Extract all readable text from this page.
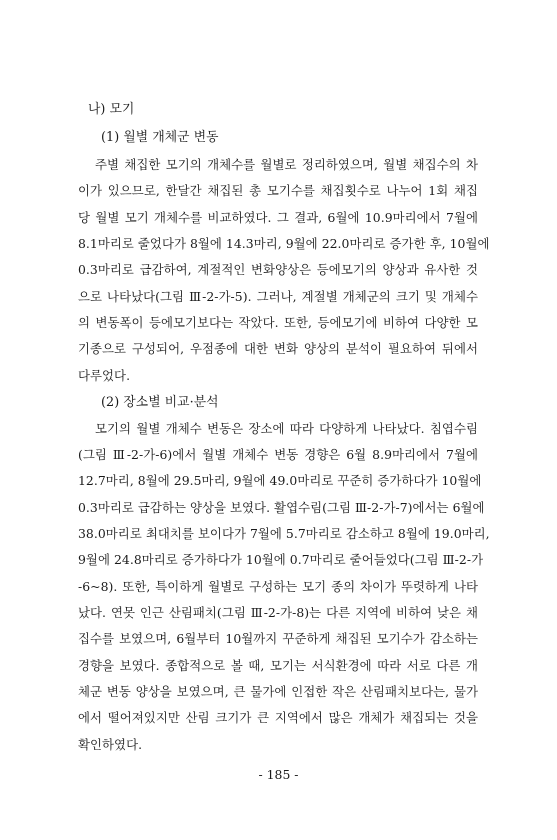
나) 모기
(1) 월별 개체군 변동
주별 채집한 모기의 개체수를 월별로 정리하였으며, 월별 채집수의 차
이가 있으므로, 한달간 채집된 총 모기수를 채집횟수로 나누어 1회 채집
당 월별 모기 개체수를 비교하였다. 그 결과, 6월에 10.9마리에서 7월에
8.1마리로 줄었다가 8월에 14.3마리, 9월에 22.0마리로 증가한 후, 10월에
0.3마리로 급감하여, 계절적인 변화양상은 등에모기의 양상과 유사한 것
으로 나타났다(그림 Ⅲ-2-가-5). 그러나, 계절별 개체군의 크기 및 개체수
의 변동폭이 등에모기보다는 작았다. 또한, 등에모기에 비하여 다양한 모
기종으로 구성되어, 우점종에 대한 변화 양상의 분석이 필요하여 뒤에서
다루었다.
(2) 장소별 비교·분석
모기의 월별 개체수 변동은 장소에 따라 다양하게 나타났다. 침엽수림
(그림 Ⅲ-2-가-6)에서 월별 개체수 변동 경향은 6월 8.9마리에서 7월에
12.7마리, 8월에 29.5마리, 9월에 49.0마리로 꾸준히 증가하다가 10월에
0.3마리로 급감하는 양상을 보였다. 활엽수림(그림 Ⅲ-2-가-7)에서는 6월에
38.0마리로 최대치를 보이다가 7월에 5.7마리로 감소하고 8월에 19.0마리,
9월에 24.8마리로 증가하다가 10월에 0.7마리로 줄어들었다(그림 Ⅲ-2-가
-6~8). 또한, 특이하게 월별로 구성하는 모기 종의 차이가 뚜렷하게 나타
났다. 연못 인근 산림패치(그림 Ⅲ-2-가-8)는 다른 지역에 비하여 낮은 채
집수를 보였으며, 6월부터 10월까지 꾸준하게 채집된 모기수가 감소하는
경향을 보였다. 종합적으로 볼 때, 모기는 서식환경에 따라 서로 다른 개
체군 변동 양상을 보였으며, 큰 물가에 인접한 작은 산림패치보다는, 물가
에서 떨어져있지만 산림 크기가 큰 지역에서 많은 개체가 채집되는 것을
확인하였다.
- 185 -
